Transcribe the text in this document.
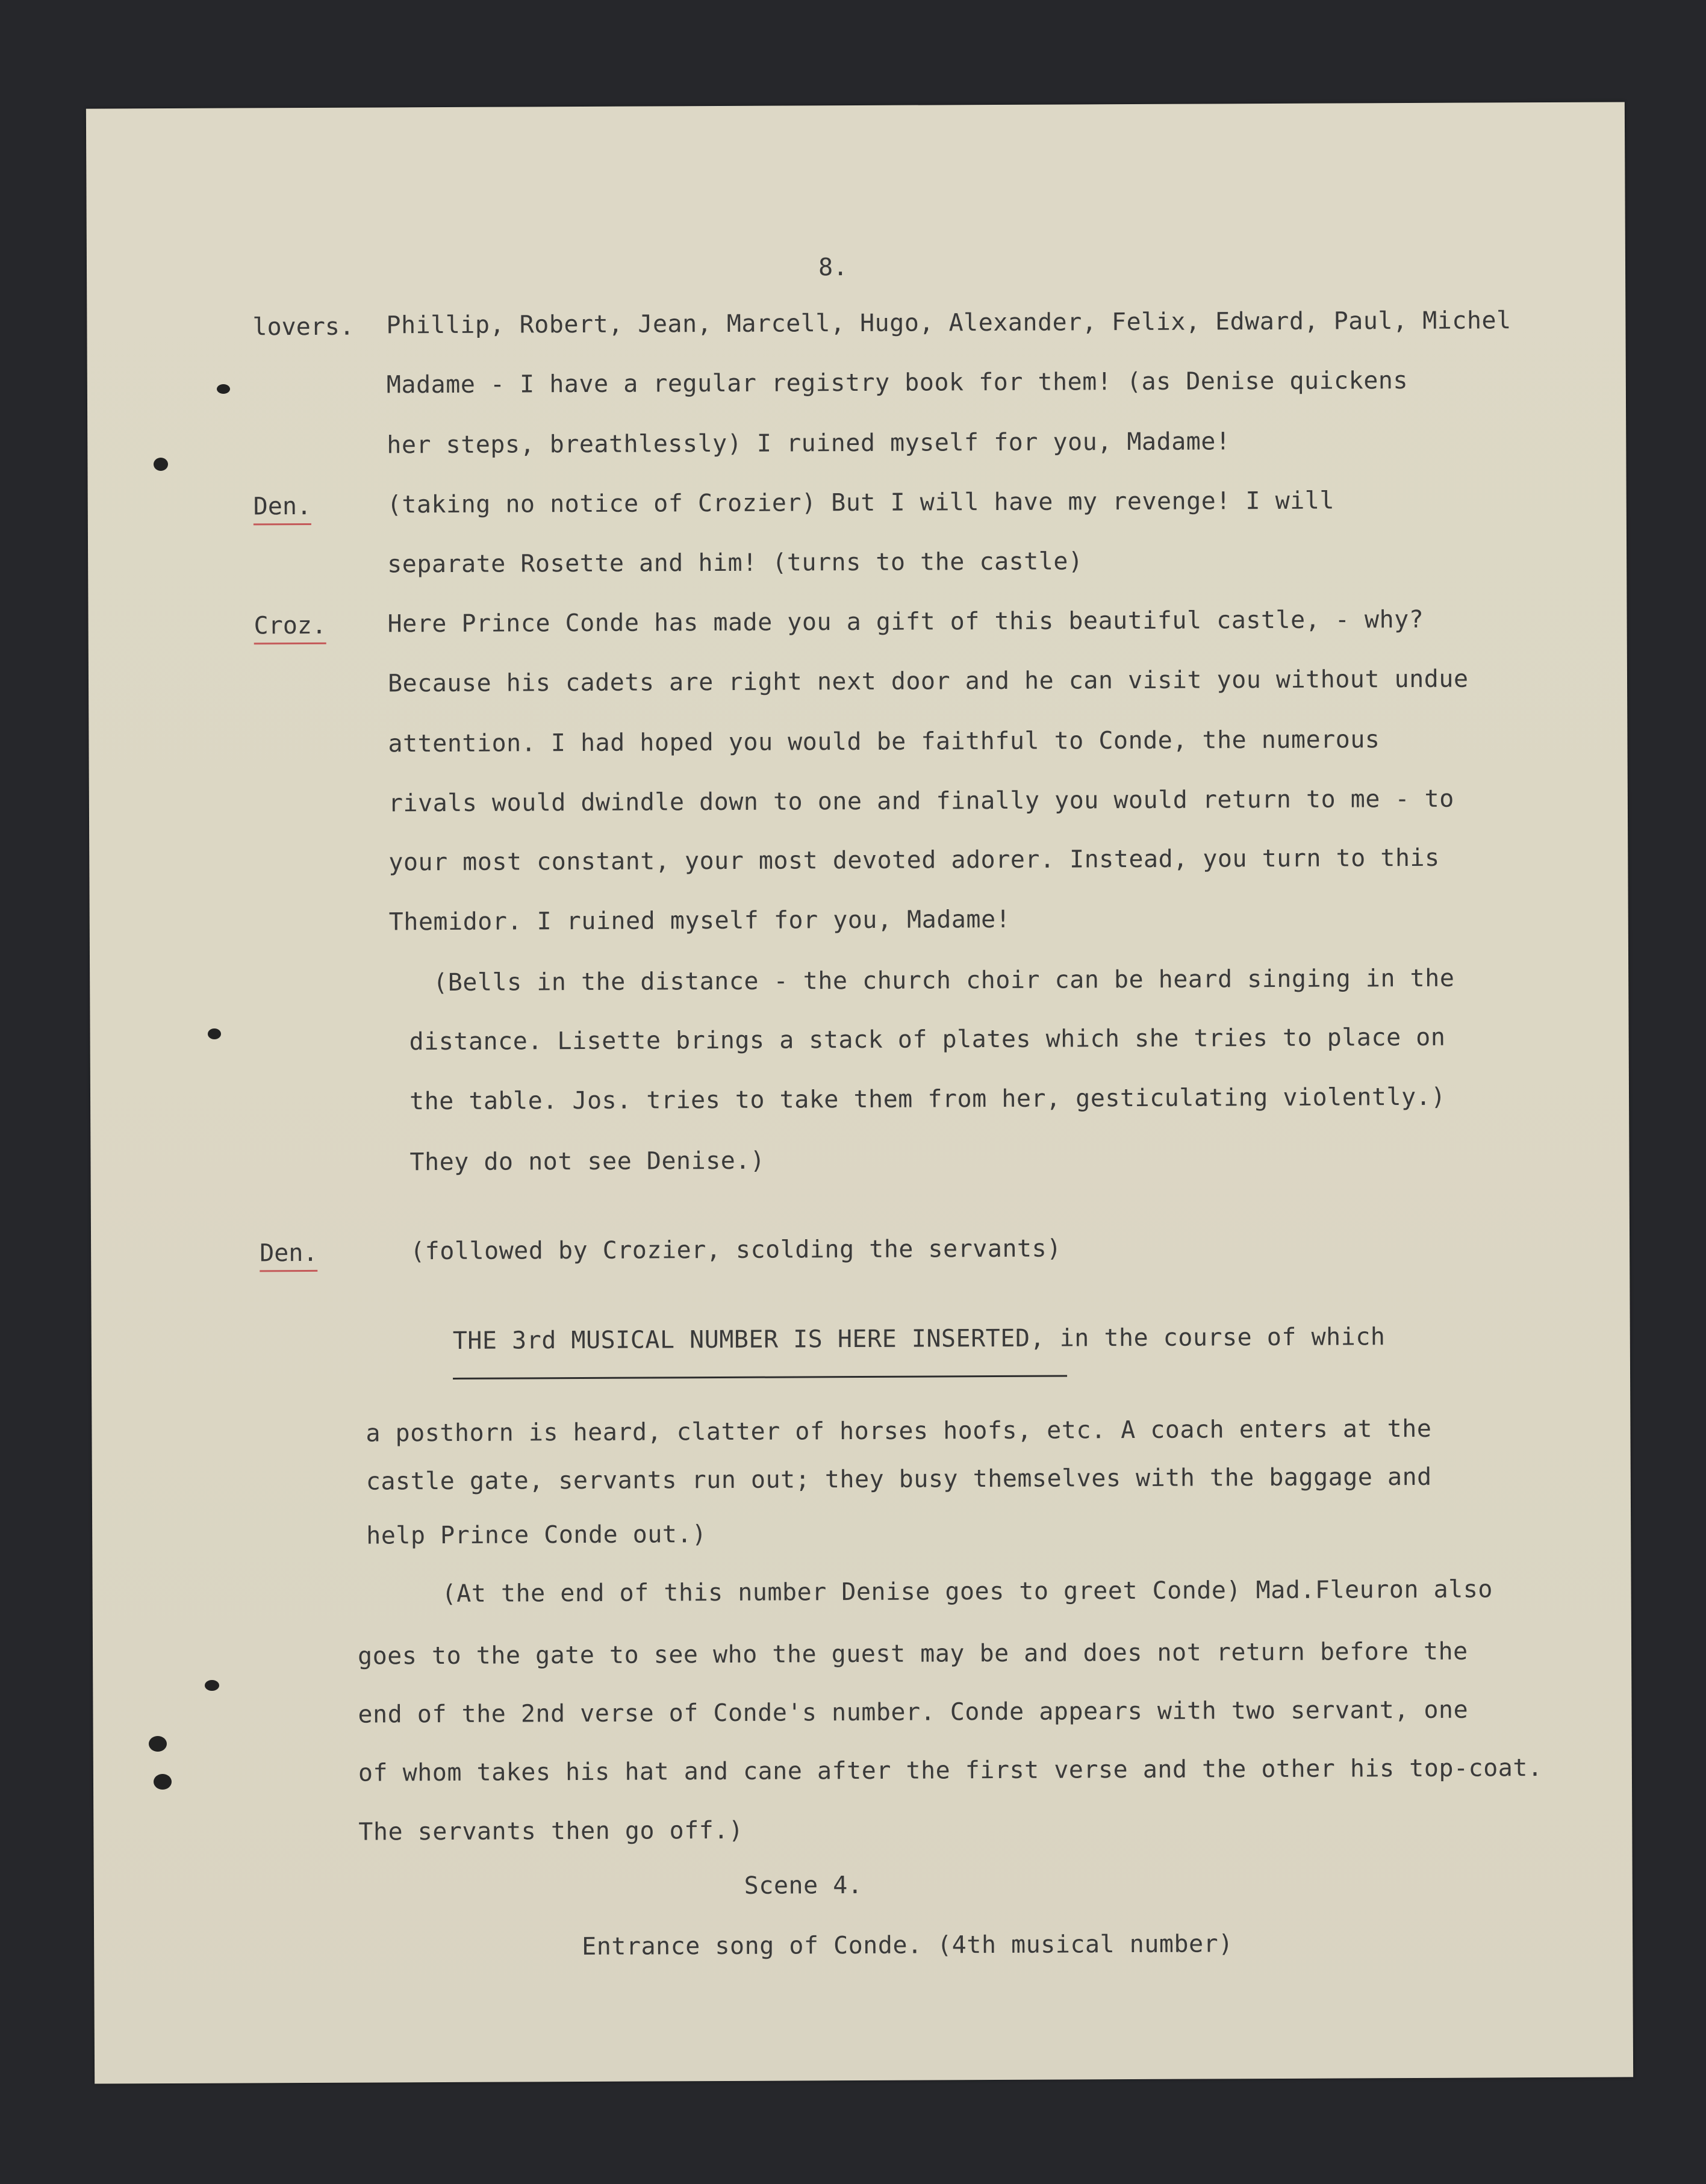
8.
lovers. Phillip, Robert, Jean, Marcell, Hugo, Alexander, Felix, Edward, Paul, Michel
Madame - I have a regular registry book for them! (as Denise quickens
her steps, breathlessly) I ruined myself for you, Madame!
Den.	(taking no notice of Crozier) But I will have my revenge! I will
separate Rosette and him! (turns to the castle)
Croz.	Here Prince Conde has made you a gift of this beautiful castle, - why?
Because his cadets are right next door and he can visit you without undue
attention. I had hoped you would be faithful to Conde, the numerous
rivals would dwindle down to one and finally you would return to me - to
your most constant, your most devoted adorer. Instead, you turn to this
Themidor. I ruined myself for you, Madame!
(Bells in the distance - the church choir can be heard singing in the
distance. Lisette brings a stack of plates which she tries to place on
the table. Jos. tries to take them from her, gesticulating violently.)
They do not see Denise.)
Den.	(followed by Crozier, scolding the servants)
THE 3rd MUSICAL NUMBER IS HERE INSERTED, in the course of which
a posthorn is heard, clatter of horses hoofs, etc. A coach enters at the
castle gate, servants run out; they busy themselves with the baggage and
help Prince Conde out.)
(At the end of this number Denise goes to greet Conde) Mad.Fleuron also
goes to the gate to see who the guest may be and does not return before the
end of the 2nd verse of Conde's number. Conde appears with two servant, one
of whom takes his hat and cane after the first verse and the other his top-coat.
The servants then go off.)
Scene 4.
Entrance song of Conde. (4th musical number)
